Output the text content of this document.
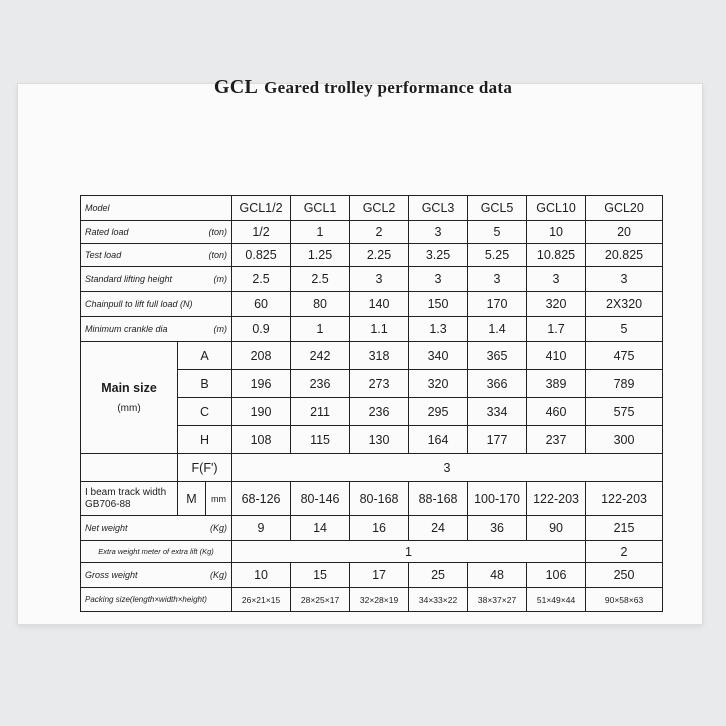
GCL Geared trolley performance data
Model			GCL1/2	GCL1	GCL2	GCL3	GCL5	GCL10	GCL20
Rated load		(ton)	1/2	1	2	3	5	10	20
Test load		(ton)	0.825	1.25	2.25	3.25	5.25	10.825	20.825
Standard lifting height		(m)	2.5	2.5	3	3	3	3	3
Chainpull to lift full load (N)			60	80	140	150	170	320	2X320
Minimum crankle dia		(m)	0.9	1	1.1	1.3	1.4	1.7	5
Main size
(mm)	A		208	242	318	340	365	410	475
	B		196	236	273	320	366	389	789
	C		190	211	236	295	334	460	575
	H		108	115	130	164	177	237	300
	F(F')		3						
I beam track width GB706-88	M	mm	68-126	80-146	80-168	88-168	100-170	122-203	122-203
Net weight		(Kg)	9	14	16	24	36	90	215
Extra weight meter of extra lift (Kg)			1						2
Gross weight		(Kg)	10	15	17	25	48	106	250
Packing size(length×width×height)			26×21×15	28×25×17	32×28×19	34×33×22	38×37×27	51×49×44	90×58×63
